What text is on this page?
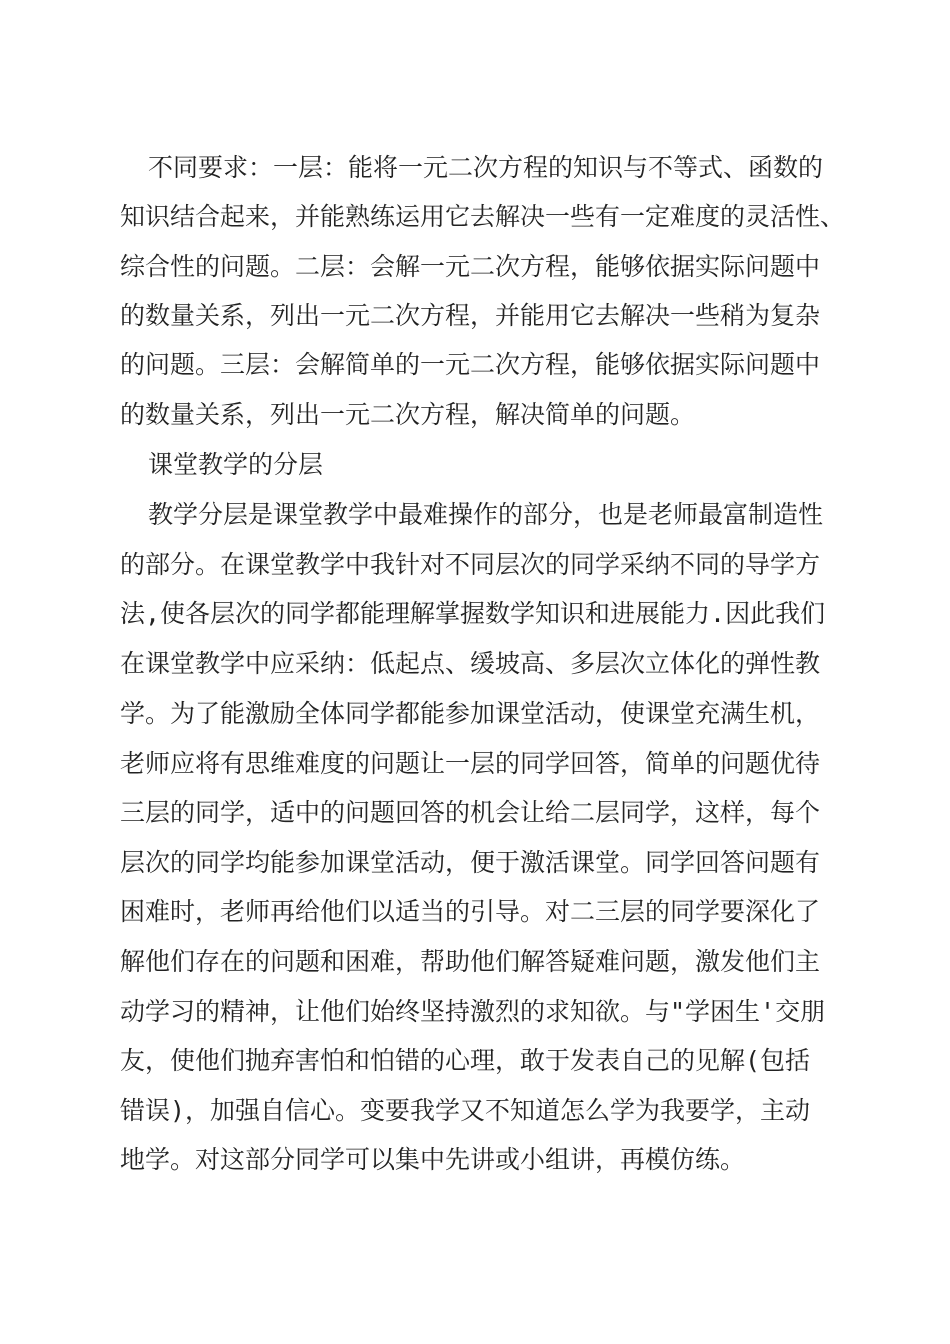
不同要求：一层：能将一元二次方程的知识与不等式、函数的
知识结合起来，并能熟练运用它去解决一些有一定难度的灵活性、
综合性的问题。二层：会解一元二次方程，能够依据实际问题中
的数量关系，列出一元二次方程，并能用它去解决一些稍为复杂
的问题。三层：会解简单的一元二次方程，能够依据实际问题中
的数量关系，列出一元二次方程，解决简单的问题。
课堂教学的分层
教学分层是课堂教学中最难操作的部分，也是老师最富制造性
的部分。在课堂教学中我针对不同层次的同学采纳不同的导学方
法,使各层次的同学都能理解掌握数学知识和进展能力.因此我们
在课堂教学中应采纳：低起点、缓坡高、多层次立体化的弹性教
学。为了能激励全体同学都能参加课堂活动，使课堂充满生机，
老师应将有思维难度的问题让一层的同学回答，简单的问题优待
三层的同学，适中的问题回答的机会让给二层同学，这样，每个
层次的同学均能参加课堂活动，便于激活课堂。同学回答问题有
困难时，老师再给他们以适当的引导。对二三层的同学要深化了
解他们存在的问题和困难，帮助他们解答疑难问题，激发他们主
动学习的精神，让他们始终坚持激烈的求知欲。与"学困生'交朋
友，使他们抛弃害怕和怕错的心理，敢于发表自己的见解(包括
错误)，加强自信心。变要我学又不知道怎么学为我要学，主动
地学。对这部分同学可以集中先讲或小组讲，再模仿练。
